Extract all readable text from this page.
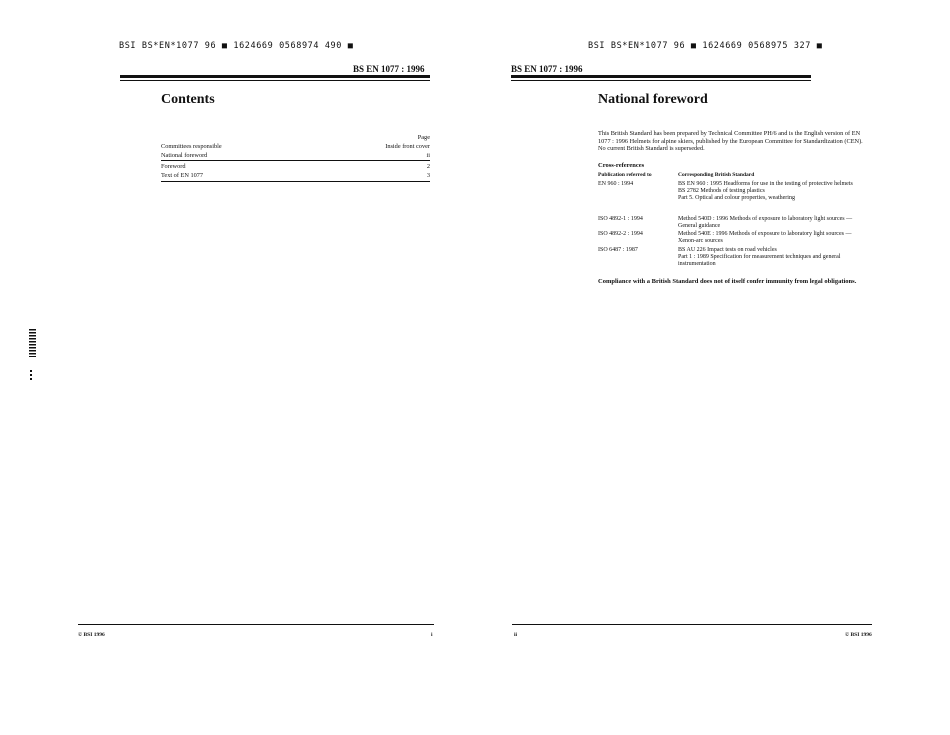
BSI BS*EN*1077 96 ■ 1624669 0568974 490 ■
BS EN 1077 : 1996
Contents
Page
Committees responsible	Inside front cover
National foreword	ii
Foreword	2
Text of EN 1077	3
© BSI 1996	i
BSI BS*EN*1077 96 ■ 1624669 0568975 327 ■
BS EN 1077 : 1996
National foreword
This British Standard has been prepared by Technical Committee PH/6 and is the English version of EN 1077 : 1996 Helmets for alpine skiers, published by the European Committee for Standardization (CEN). No current British Standard is superseded.
Cross-references
Publication referred to	Corresponding British Standard
EN 960 : 1994	BS EN 960 : 1995 Headforms for use in the testing of protective helmets
BS 2782 Methods of testing plastics
Part 5. Optical and colour properties, weathering
ISO 4892-1 : 1994	Method 540D : 1996 Methods of exposure to laboratory light sources — General guidance
ISO 4892-2 : 1994	Method 540E : 1996 Methods of exposure to laboratory light sources — Xenon-arc sources
ISO 6487 : 1987	BS AU 226 Impact tests on road vehicles
Part 1 : 1989 Specification for measurement techniques and general instrumentation
Compliance with a British Standard does not of itself confer immunity from legal obligations.
ii	© BSI 1996
